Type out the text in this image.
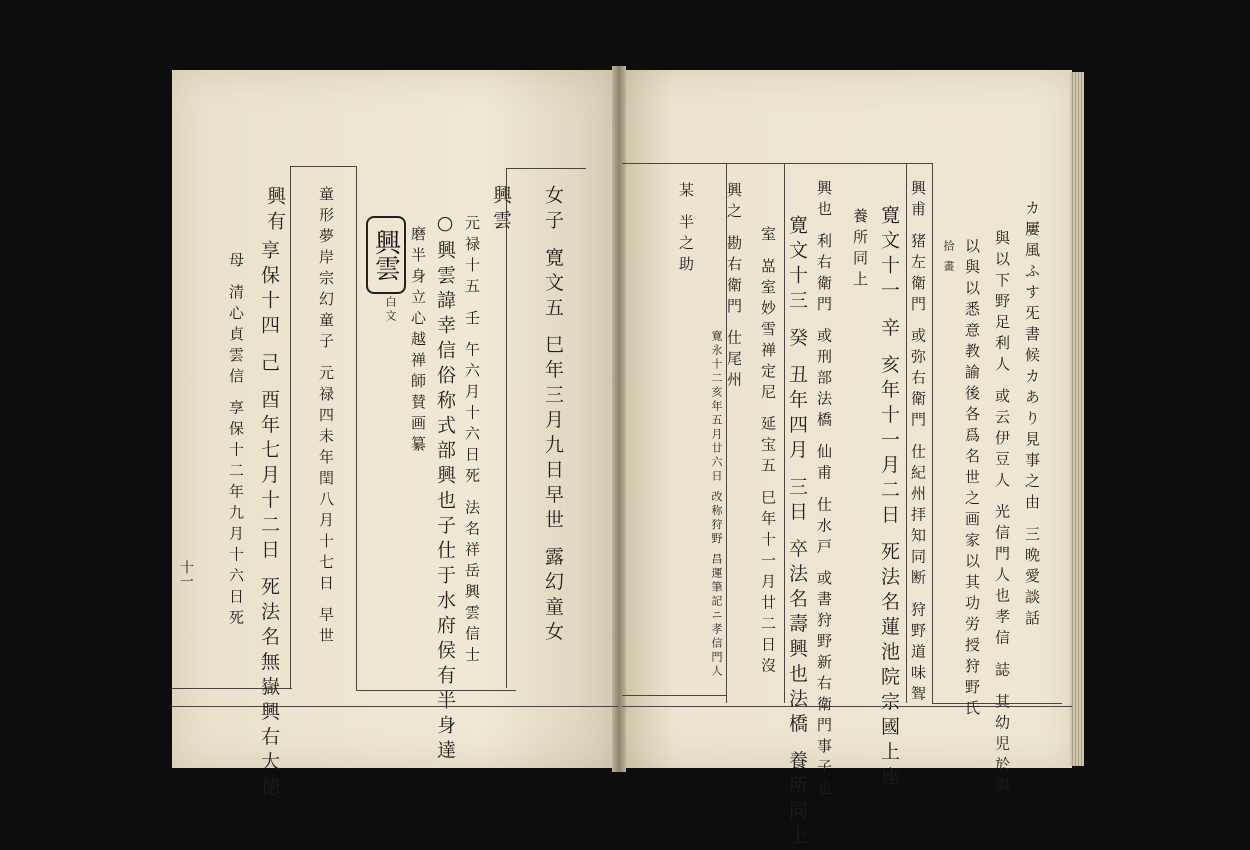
女子 寛文五 巳年三月九日早世 露幻童女
興雲
元禄十五 壬 午六月十六日死 法名祥岳興雲信士
○興雲諱幸信俗称式部興也子仕于水府侯有半身達
磨半身立心越禅師賛画纂
興雲
白文
童形夢岸宗幻童子 元禄四未年閏八月十七日 早世
興有
享保十四 己 酉年七月十二日 死法名無嶽興右大徳
母 清心貞雲信 享保十二年九月十六日死
十一	カ屢風ふす旡書候カあり見事之由 三晩愛談話
與以下野足利人 或云伊豆人 光信門人也孝信 誌 其幼児於與
以與以悉意教諭後各爲名世之画家以其功労授狩野氏
拾 畫
興甫 猪左衛門 或弥右衛門 仕紀州拝知同断 狩野道味聟
寛文十一 辛 亥年十一月二日 死法名蓮池院宗國上座
養所同上
興也 利右衛門 或刑部法橋 仙甫 仕水戸 或書狩野新右衛門事子也
寛文十三 癸 丑年四月 三日 卒法名壽興也法橋 養所同上
室 嵓室妙雪禅定尼 延宝五 巳年十一月廿二日沒
興之 勘右衛門 仕尾州
寛永十二亥年五月廿六日 改称狩野 昌運筆記ニ孝信門人
某 半之助
